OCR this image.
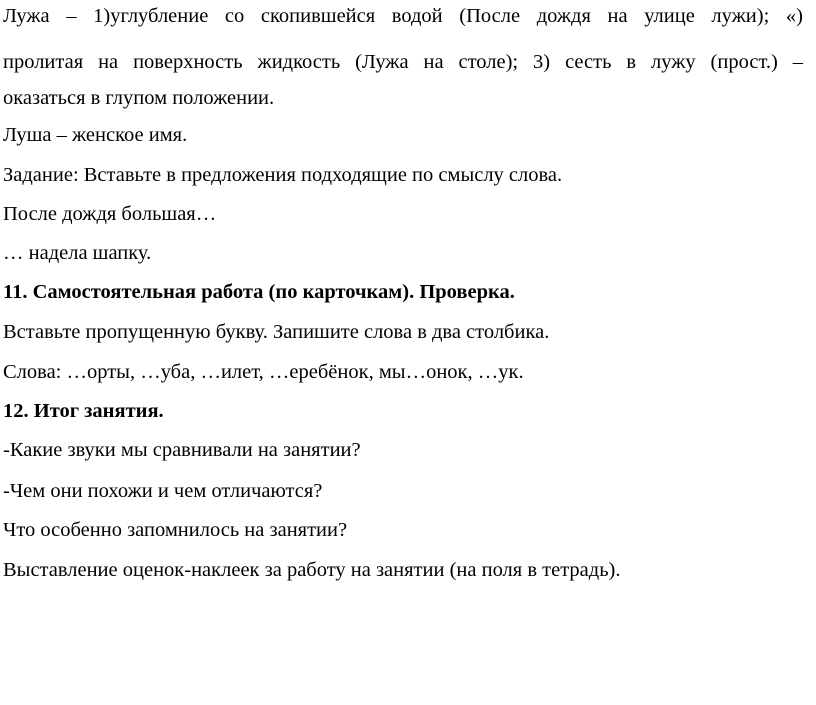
Лужа – 1)углубление со скопившейся водой (После дождя на улице лужи); «)
пролитая на поверхность жидкость (Лужа на столе); 3) сесть в лужу (прост.) –
оказаться в глупом положении.
Луша – женское имя.
Задание: Вставьте в предложения подходящие по смыслу слова.
После дождя большая…
… надела шапку.
11. Самостоятельная работа (по карточкам). Проверка.
Вставьте пропущенную букву. Запишите слова в два столбика.
Слова: …орты, …уба, …илет, …еребёнок, мы…онок, …ук.
12. Итог занятия.
-Какие звуки мы сравнивали на занятии?
-Чем они похожи и чем отличаются?
Что особенно запомнилось на занятии?
Выставление оценок-наклеек за работу на занятии (на поля в тетрадь).
